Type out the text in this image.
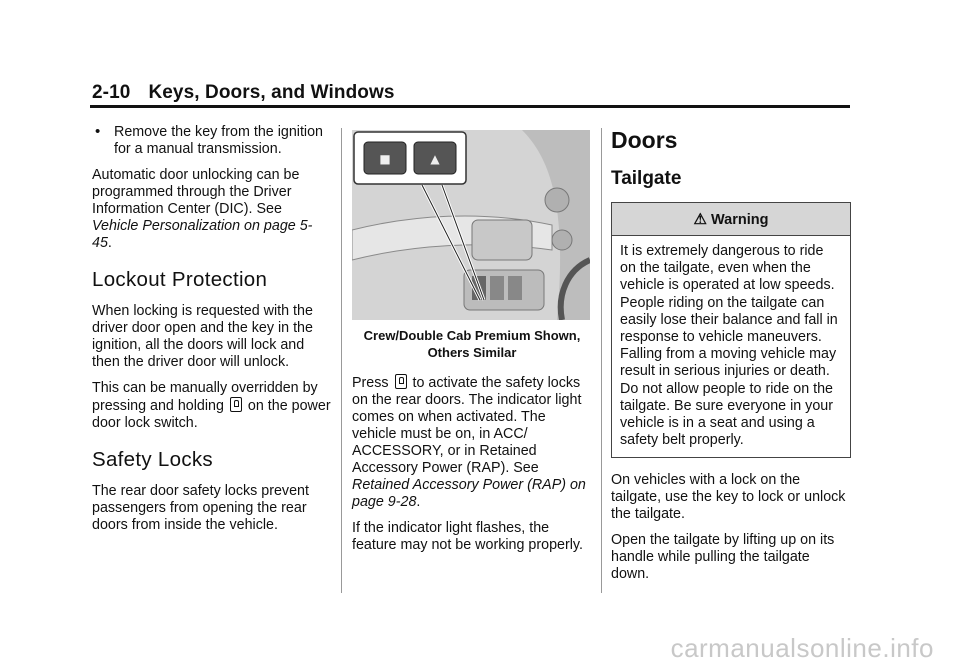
2-10 Keys, Doors, and Windows

• Remove the key from the ignition for a manual transmission.

Automatic door unlocking can be programmed through the Driver Information Center (DIC). See Vehicle Personalization on page 5-45.

Lockout Protection

When locking is requested with the driver door open and the key in the ignition, all the doors will lock and then the driver door will unlock.

This can be manually overridden by pressing and holding on the power door lock switch.

Safety Locks

The rear door safety locks prevent passengers from opening the rear doors from inside the vehicle.

■	▲
Crew/Double Cab Premium Shown, Others Similar

Press to activate the safety locks on the rear doors. The indicator light comes on when activated. The vehicle must be on, in ACC/ ACCESSORY, or in Retained Accessory Power (RAP). See Retained Accessory Power (RAP) on page 9-28.

If the indicator light flashes, the feature may not be working properly.

Doors
Tailgate
⚠ Warning
It is extremely dangerous to ride on the tailgate, even when the vehicle is operated at low speeds. People riding on the tailgate can easily lose their balance and fall in response to vehicle maneuvers. Falling from a moving vehicle may result in serious injuries or death. Do not allow people to ride on the tailgate. Be sure everyone in your vehicle is in a seat and using a safety belt properly.

On vehicles with a lock on the tailgate, use the key to lock or unlock the tailgate.

Open the tailgate by lifting up on its handle while pulling the tailgate down.

carmanualsonline.info
